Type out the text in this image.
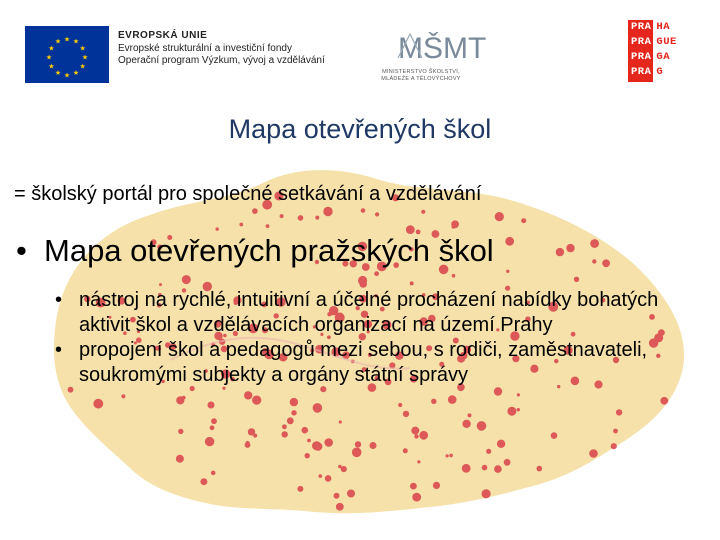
★ ★
★
★
★
★
★
★
★
★
★
★
EVROPSKÁ UNIE
Evropské strukturální a investiční fondy
Operační program Výzkum, vývoj a vzdělávání	MŠMT
MINISTERSTVO ŠKOLSTVÍ,
MLÁDEŽE A TĚLOVÝCHOVY
PRA HA
PRA GUE
PRA GA
PRA G
Mapa otevřených škol
= školský portál pro společné setkávání a vzdělávání
• Mapa otevřených pražských škol
• nástroj na rychlé, intuitivní a účelné procházení nabídky bohatých aktivit škol a vzdělávacích organizací na území Prahy
• propojení škol a pedagogů mezi sebou, s rodiči, zaměstnavateli, soukromými subjekty a orgány státní správy
